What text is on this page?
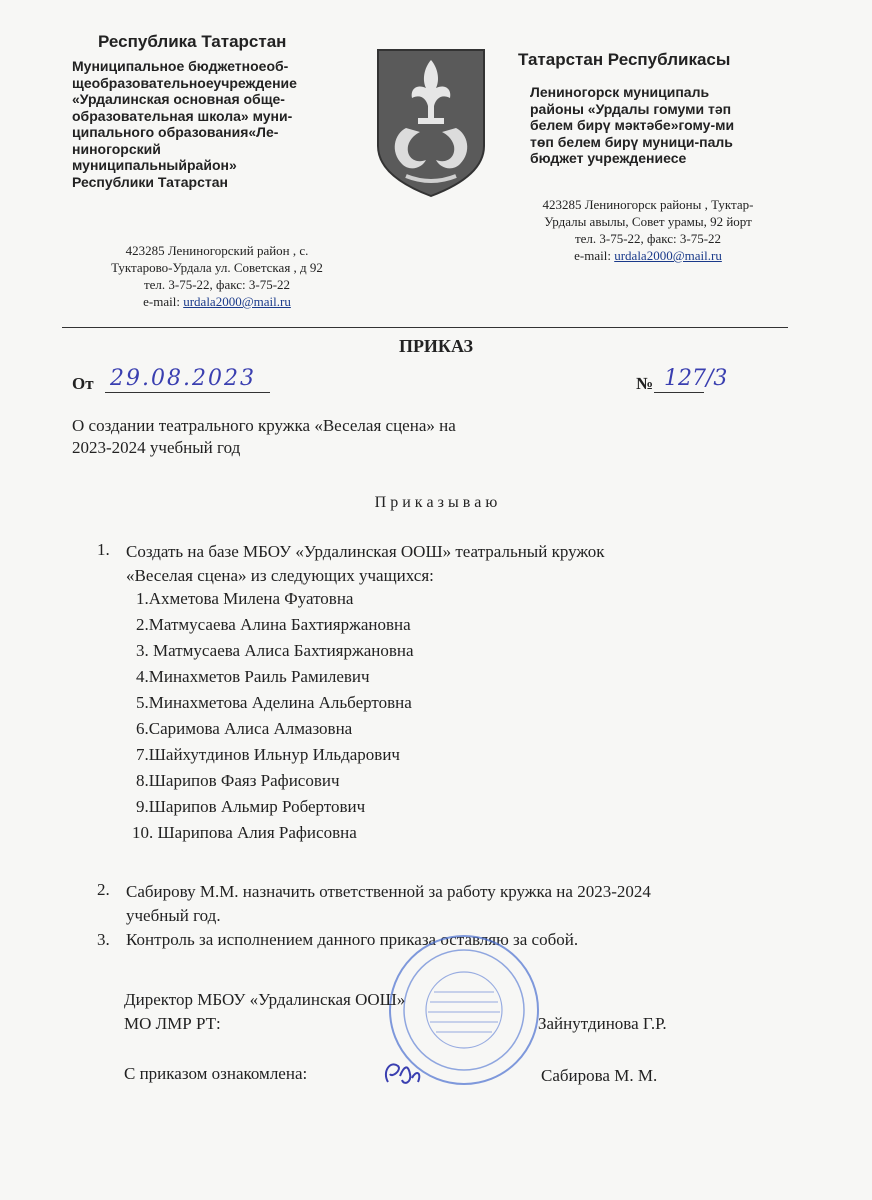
Республика Татарстан
Муниципальное бюджетноеоб-
щеобразовательноеучреждение
«Урдалинская основная обще-
образовательная школа» муни-
ципального образования«Ле-
ниногорский
муниципальныйрайон»
Республики Татарстан
423285 Лениногорский район , с.
Туктарово-Урдала ул. Советская , д 92
тел. 3-75-22, факс: 3-75-22
e-mail: urdala2000@mail.ru
Татарстан Республикасы
Лениногорск муниципаль
районы «Урдалы гомуми тәп
белем бирү мәктәбе»гому-ми
төп белем бирү муници-паль
бюджет учреждениесе
423285 Лениногорск районы , Туктар-
Урдалы авылы, Совет урамы, 92 йорт
тел. 3-75-22, факс: 3-75-22
e-mail: urdala2000@mail.ru
ПРИКАЗ
От 29.08.2023	№ 127/3
О создании театрального кружка «Веселая сцена» на
2023-2024 учебный год
П р и к а з ы в а ю
1. Создать на базе МБОУ «Урдалинская ООШ» театральный кружок
«Веселая сцена» из следующих учащихся:
1.Ахметова Милена Фуатовна
2.Матмусаева Алина Бахтияржановна
3. Матмусаева Алиса Бахтияржановна
4.Минахметов Раиль Рамилевич
5.Минахметова Аделина Альбертовна
6.Саримова Алиса Алмазовна
7.Шайхутдинов Ильнур Ильдарович
8.Шарипов Фаяз Рафисович
9.Шарипов Альмир Робертович
10. Шарипова Алия Рафисовна
2. Сабирову М.М. назначить ответственной за работу кружка на 2023-2024
учебный год.
3. Контроль за исполнением данного приказа оставляю за собой.
Директор МБОУ «Урдалинская ООШ»
МО ЛМР РТ:	Зайнутдинова Г.Р.
С приказом ознакомлена:	Сабирова М. М.
